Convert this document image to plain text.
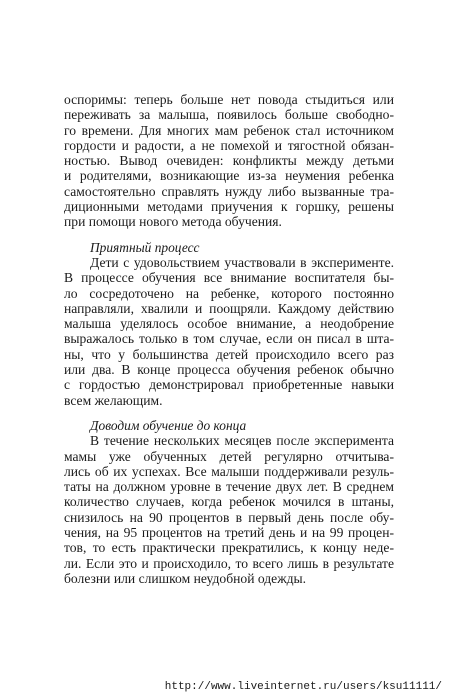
оспоримы: теперь больше нет повода стыдиться или
переживать за малыша, появилось больше свободно-
го времени. Для многих мам ребенок стал источником
гордости и радости, а не помехой и тягостной обязан-
ностью. Вывод очевиден: конфликты между детьми
и родителями, возникающие из-за неумения ребенка
самостоятельно справлять нужду либо вызванные тра-
диционными методами приучения к горшку, решены
при помощи нового метода обучения.
Приятный процесс
Дети с удовольствием участвовали в эксперименте.
В процессе обучения все внимание воспитателя бы-
ло сосредоточено на ребенке, которого постоянно
направляли, хвалили и поощряли. Каждому действию
малыша уделялось особое внимание, а неодобрение
выражалось только в том случае, если он писал в шта-
ны, что у большинства детей происходило всего раз
или два. В конце процесса обучения ребенок обычно
с гордостью демонстрировал приобретенные навыки
всем желающим.
Доводим обучение до конца
В течение нескольких месяцев после эксперимента
мамы уже обученных детей регулярно отчитыва-
лись об их успехах. Все малыши поддерживали резуль-
таты на должном уровне в течение двух лет. В среднем
количество случаев, когда ребенок мочился в штаны,
снизилось на 90 процентов в первый день после обу-
чения, на 95 процентов на третий день и на 99 процен-
тов, то есть практически прекратились, к концу неде-
ли. Если это и происходило, то всего лишь в результате
болезни или слишком неудобной одежды.
http://www.liveinternet.ru/users/ksu11111/
